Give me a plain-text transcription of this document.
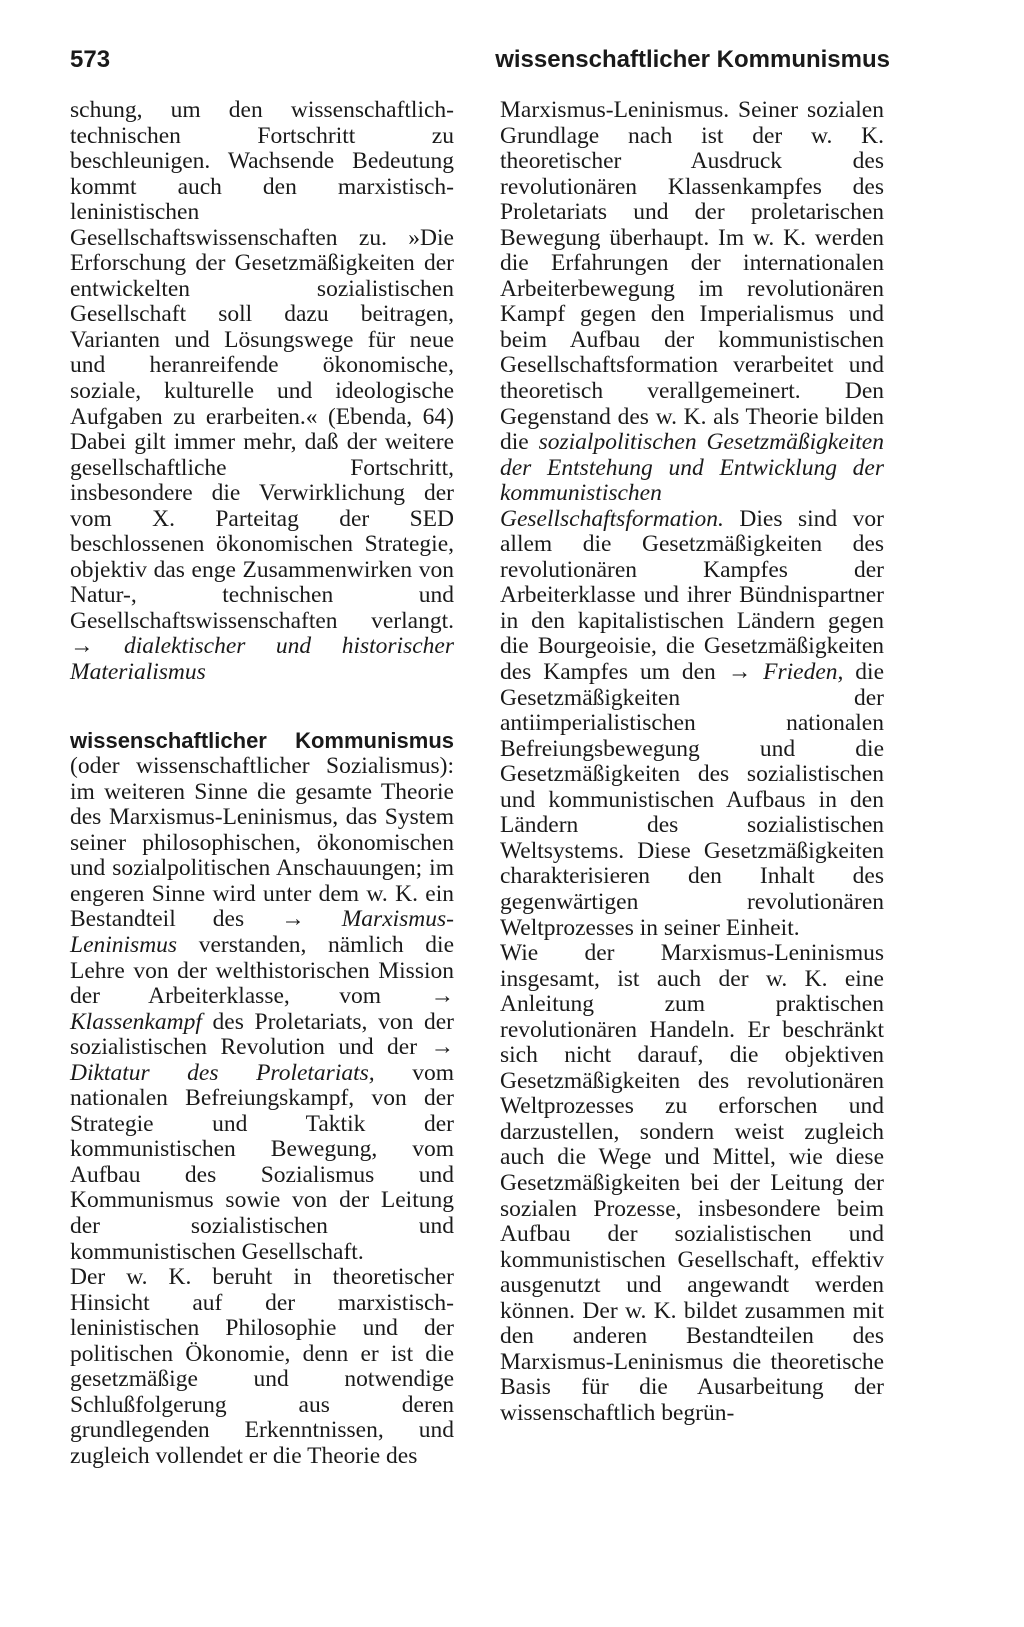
573	wissenschaftlicher Kommunismus

schung, um den wissenschaftlich-technischen Fortschritt zu beschleunigen. Wachsende Bedeutung kommt auch den marxistisch-leninistischen Gesellschaftswissenschaften zu. »Die Erforschung der Gesetzmäßigkeiten der entwickelten sozialistischen Gesellschaft soll dazu beitragen, Varianten und Lösungswege für neue und heranreifende ökonomische, soziale, kulturelle und ideologische Aufgaben zu erarbeiten.« (Ebenda, 64) Dabei gilt immer mehr, daß der weitere gesellschaftliche Fortschritt, insbesondere die Verwirklichung der vom X. Parteitag der SED beschlossenen ökonomischen Strategie, objektiv das enge Zusammenwirken von Natur-, technischen und Gesellschaftswissenschaften verlangt. → dialektischer und historischer Materialismus

wissenschaftlicher Kommunismus (oder wissenschaftlicher Sozialismus): im weiteren Sinne die gesamte Theorie des Marxismus-Leninismus, das System seiner philosophischen, ökonomischen und sozialpolitischen Anschauungen; im engeren Sinne wird unter dem w. K. ein Bestandteil des → Marxismus-Leninismus verstanden, nämlich die Lehre von der welthistorischen Mission der Arbeiterklasse, vom → Klassenkampf des Proletariats, von der sozialistischen Revolution und der → Diktatur des Proletariats, vom nationalen Befreiungskampf, von der Strategie und Taktik der kommunistischen Bewegung, vom Aufbau des Sozialismus und Kommunismus sowie von der Leitung der sozialistischen und kommunistischen Gesellschaft.

Der w. K. beruht in theoretischer Hinsicht auf der marxistisch-leninistischen Philosophie und der politischen Ökonomie, denn er ist die gesetzmäßige und notwendige Schlußfolgerung aus deren grundlegenden Erkenntnissen, und zugleich vollendet er die Theorie des

Marxismus-Leninismus. Seiner sozialen Grundlage nach ist der w. K. theoretischer Ausdruck des revolutionären Klassenkampfes des Proletariats und der proletarischen Bewegung überhaupt. Im w. K. werden die Erfahrungen der internationalen Arbeiterbewegung im revolutionären Kampf gegen den Imperialismus und beim Aufbau der kommunistischen Gesellschaftsformation verarbeitet und theoretisch verallgemeinert. Den Gegenstand des w. K. als Theorie bilden die sozialpolitischen Gesetzmäßigkeiten der Entstehung und Entwicklung der kommunistischen Gesellschaftsformation. Dies sind vor allem die Gesetzmäßigkeiten des revolutionären Kampfes der Arbeiterklasse und ihrer Bündnispartner in den kapitalistischen Ländern gegen die Bourgeoisie, die Gesetzmäßigkeiten des Kampfes um den → Frieden, die Gesetzmäßigkeiten der antiimperialistischen nationalen Befreiungsbewegung und die Gesetzmäßigkeiten des sozialistischen und kommunistischen Aufbaus in den Ländern des sozialistischen Weltsystems. Diese Gesetzmäßigkeiten charakterisieren den Inhalt des gegenwärtigen revolutionären Weltprozesses in seiner Einheit.

Wie der Marxismus-Leninismus insgesamt, ist auch der w. K. eine Anleitung zum praktischen revolutionären Handeln. Er beschränkt sich nicht darauf, die objektiven Gesetzmäßigkeiten des revolutionären Weltprozesses zu erforschen und darzustellen, sondern weist zugleich auch die Wege und Mittel, wie diese Gesetzmäßigkeiten bei der Leitung der sozialen Prozesse, insbesondere beim Aufbau der sozialistischen und kommunistischen Gesellschaft, effektiv ausgenutzt und angewandt werden können. Der w. K. bildet zusammen mit den anderen Bestandteilen des Marxismus-Leninismus die theoretische Basis für die Ausarbeitung der wissenschaftlich begrün-
